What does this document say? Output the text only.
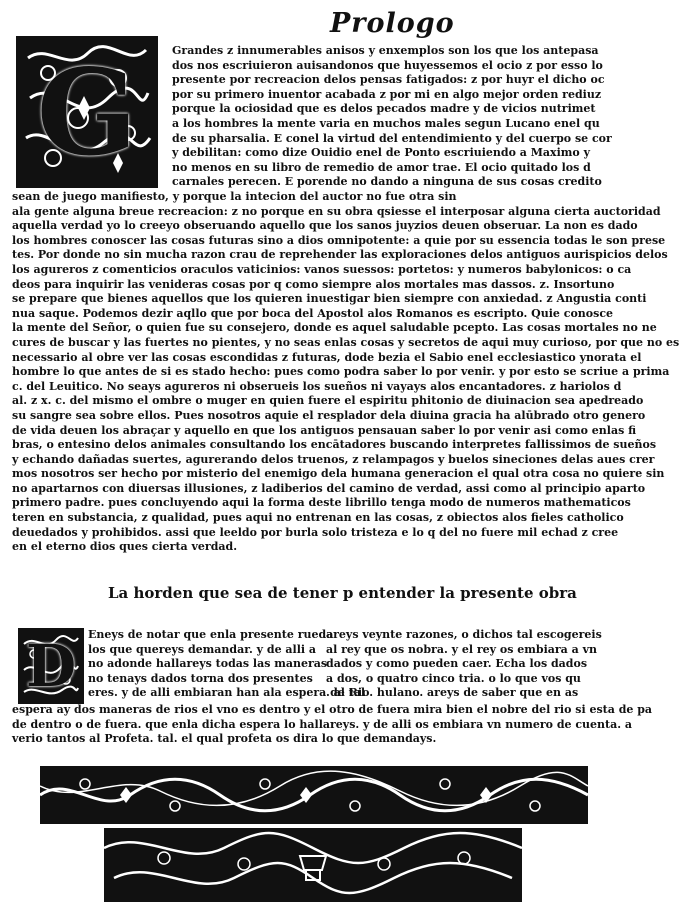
Prologo
G	Grandes z innumerables anisos y enxemplos son los que los antepasa
dos nos escriuieron auisandonos que huyessemos el ocio z por esso lo
presente por recreacion delos pensas fatigados: z por huyr el dicho oc
por su primero inuentor acabada z por mi en algo mejor orden rediuz
porque la ociosidad que es delos pecados madre y de vicios nutrimet
a los hombres la mente varia en muchos males segun Lucano enel qu
de su pharsalia. E conel la virtud del entendimiento y del cuerpo se cor
y debilitan: como dize Ouidio enel de Ponto escriuiendo a Maximo y
no menos en su libro de remedio de amor trae. El ocio quitado los d
carnales perecen. E porende no dando a ninguna de sus cosas credito
sean de juego manifiesto, y porque la intecion del auctor no fue otra sin
ala gente alguna breue recreacion: z no porque en su obra qsiesse el interposar alguna cierta auctoridad
aquella verdad yo lo creeyo obseruando aquello que los sanos juyzios deuen obseruar. La non es dado
los hombres conoscer las cosas futuras sino a dios omnipotente: a quie por su essencia todas le son prese
tes. Por donde no sin mucha razon crau de reprehender las exploraciones delos antiguos aurispicios delos
los agureros z comenticios oraculos vaticinios: vanos suessos: portetos: y numeros babylonicos: o ca
deos para inquirir las venideras cosas por q como siempre alos mortales mas dassos. z. Insortuno
se prepare que bienes aquellos que los quieren inuestigar bien siempre con anxiedad. z Angustia conti
nua saque. Podemos dezir aqllo que por boca del Apostol alos Romanos es escripto. Quie conosce
la mente del Señor, o quien fue su consejero, donde es aquel saludable pcepto. Las cosas mortales no ne
cures de buscar y las fuertes no pientes, y no seas enlas cosas y secretos de aqui muy curioso, por que no es
necessario al obre ver las cosas escondidas z futuras, dode bezia el Sabio enel ecclesiastico ynorata el
hombre lo que antes de si es stado hecho: pues como podra saber lo por venir. y por esto se scriue a prima
c. del Leuitico. No seays agureros ni obserueis los sueños ni vayays alos encantadores. z hariolos d
al. z x. c. del mismo el ombre o muger en quien fuere el espiritu phitonio de diuinacion sea apedreado
su sangre sea sobre ellos. Pues nosotros aquie el resplador dela diuina gracia ha alūbrado otro genero
de vida deuen los abraçar y aquello en que los antiguos pensauan saber lo por venir asi como enlas fi
bras, o entesino delos animales consultando los encātadores buscando interpretes fallissimos de sueños
y echando dañadas suertes, agurerando delos truenos, z relampagos y buelos sineciones delas aues crer
mos nosotros ser hecho por misterio del enemigo dela humana generacion el qual otra cosa no quiere sin
no apartarnos con diuersas illusiones, z ladiberios del camino de verdad, assi como al principio aparto
primero padre. pues concluyendo aqui la forma deste librillo tenga modo de numeros mathematicos
teren en substancia, z qualidad, pues aqui no entrenan en las cosas, z obiectos alos fieles catholico
deuedados y prohibidos. assi que leeldo por burla solo tristeza e lo q del no fuere mil echad z cree
en el eterno dios ques cierta verdad.
La horden que sea de tener p entender la presente obra
D Eneys de notar que enla presente rueda
los que quereys demandar. y de alli a
no adonde hallareys todas las maneras
no tenays dados torna dos presentes
eres. y de alli embiaran han ala espera de tal
areys veynte razones, o dichos tal escogereis
al rey que os nobra. y el rey os embiara a vn
dados y como pueden caer. Echa los dados
a dos, o quatro cinco tria. o lo que vos qu
. al Rio. hulano. areys de saber que en as
espera ay dos maneras de rios el vno es dentro y el otro de fuera mira bien el nobre del rio si esta de pa
de dentro o de fuera. que enla dicha espera lo hallareys. y de alli os embiara vn numero de cuenta. a
verio tantos al Profeta. tal. el qual profeta os dira lo que demandays.
